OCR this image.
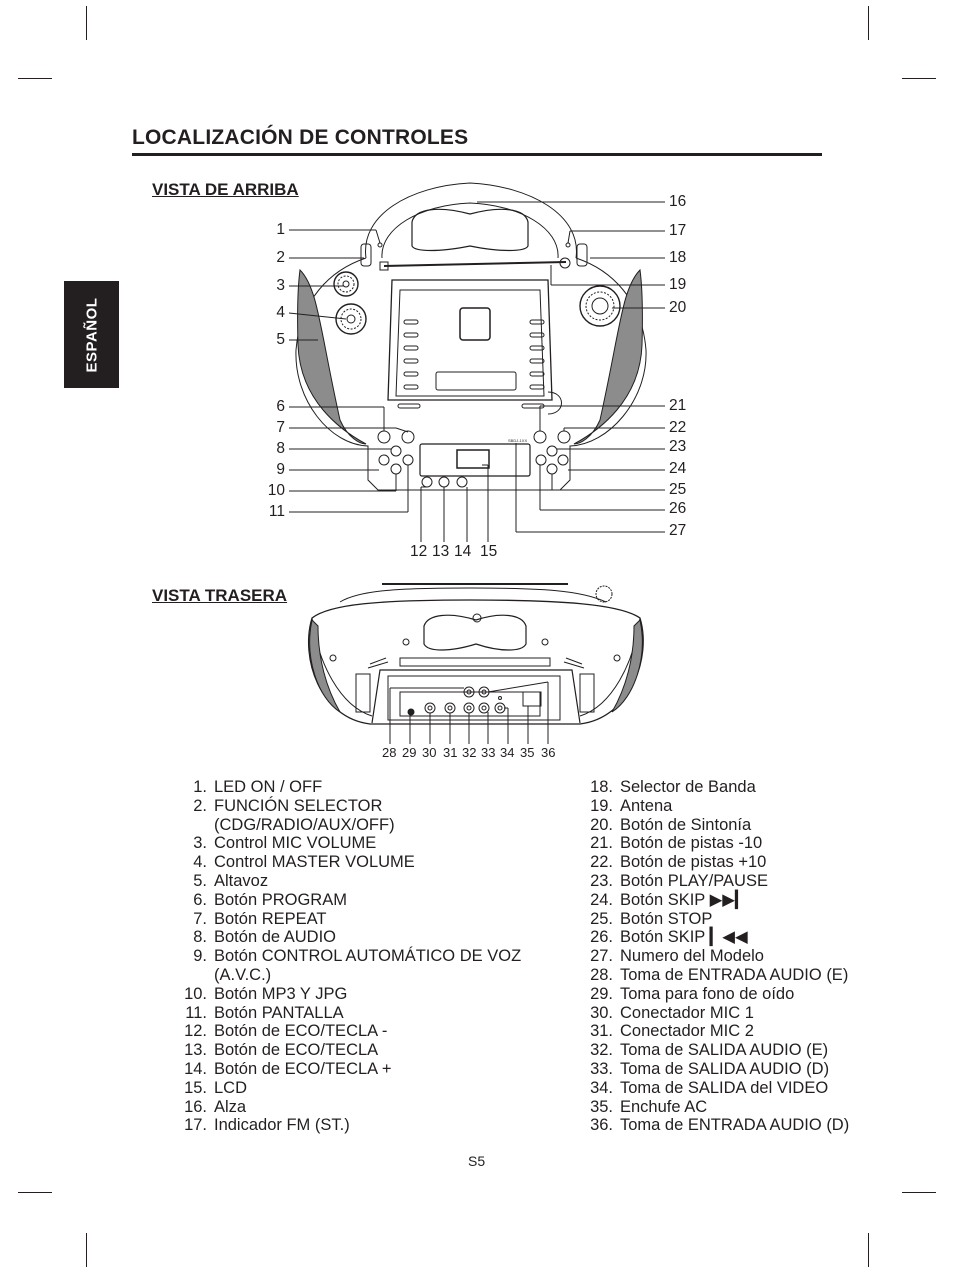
LOCALIZACIÓN DE CONTROLES
ESPAÑOL
VISTA DE ARRIBA
VISTA TRASERA
SBDJ-1XX
1
2
3
4
5
6
7
8
9
10
11
16
17
18
19
20
21
22
23
24
25
26
27
12 13 14 15
28 29 30 31 32 33 34 35 36
1. LED ON / OFF
2. FUNCIÓN SELECTOR
(CDG/RADIO/AUX/OFF)
3. Control MIC VOLUME
4. Control MASTER VOLUME
5. Altavoz
6. Botón PROGRAM
7. Botón REPEAT
8. Botón de AUDIO
9. Botón CONTROL AUTOMÁTICO DE VOZ
(A.V.C.)
10. Botón MP3 Y JPG
11. Botón PANTALLA
12. Botón de ECO/TECLA -
13. Botón de ECO/TECLA
14. Botón de ECO/TECLA +
15. LCD
16. Alza
17. Indicador FM (ST.)
18. Selector de Banda
19. Antena
20. Botón de Sintonía
21. Botón de pistas -10
22. Botón de pistas +10
23. Botón PLAY/PAUSE
24. Botón SKIP ▶▶▎
25. Botón STOP
26. Botón SKIP ▎◀◀
27. Numero del Modelo
28. Toma de ENTRADA AUDIO (E)
29. Toma para fono de oído
30. Conectador MIC 1
31. Conectador MIC 2
32. Toma de SALIDA AUDIO (E)
33. Toma de SALIDA AUDIO (D)
34. Toma de SALIDA del VIDEO
35. Enchufe AC
36. Toma de ENTRADA AUDIO (D)
S5
